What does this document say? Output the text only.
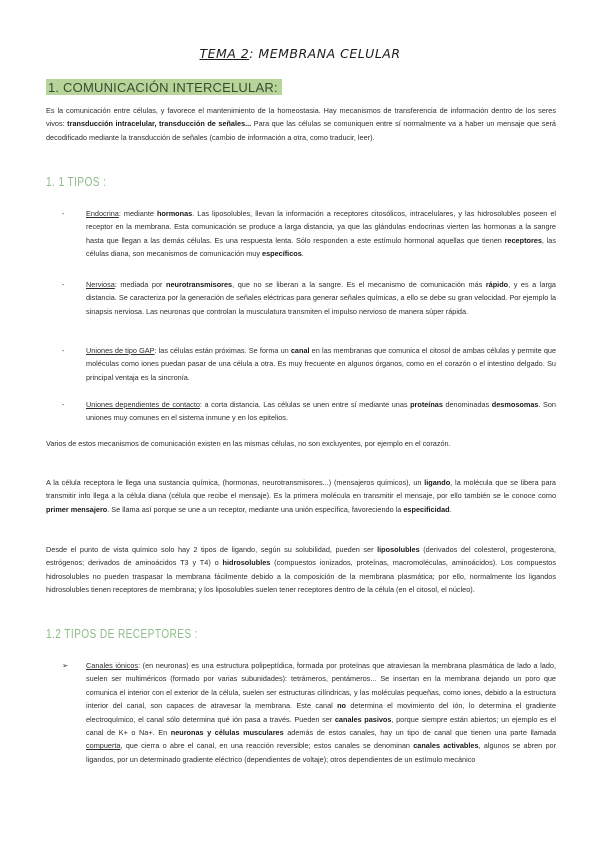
TEMA 2: MEMBRANA CELULAR
1. COMUNICACIÓN INTERCELULAR:
Es la comunicación entre células, y favorece el mantenimiento de la homeostasia. Hay mecanismos de transferencia de información dentro de los seres vivos: transducción intracelular, transducción de señales... Para que las células se comuniquen entre sí normalmente va a haber un mensaje que será decodificado mediante la transducción de señales (cambio de información a otra, como traducir, leer).
1. 1 TIPOS :
-	Endocrina: mediante hormonas. Las liposolubles, llevan la información a receptores citosólicos, intracelulares, y las hidrosolubles poseen el receptor en la membrana. Esta comunicación se produce a larga distancia, ya que las glándulas endocrinas vierten las hormonas a la sangre hasta que llegan a las demás células. Es una respuesta lenta. Sólo responden a este estímulo hormonal aquellas que tienen receptores, las células diana, son mecanismos de comunicación muy específicos.
-	Nerviosa: mediada por neurotransmisores, que no se liberan a la sangre. Es el mecanismo de comunicación más rápido, y es a larga distancia. Se caracteriza por la generación de señales eléctricas para generar señales químicas, a ello se debe su gran velocidad. Por ejemplo la sinapsis nerviosa. Las neuronas que controlan la musculatura transmiten el impulso nervioso de manera súper rápida.
-	Uniones de tipo GAP: las células están próximas. Se forma un canal en las membranas que comunica el citosol de ambas células y permite que moléculas como iones puedan pasar de una célula a otra. Es muy frecuente en algunos órganos, como en el corazón o el intestino delgado. Su principal ventaja es la sincronía.
-	Uniones dependientes de contacto: a corta distancia. Las células se unen entre sí mediante unas proteínas denominadas desmosomas. Son uniones muy comunes en el sistema inmune y en los epitelios.
Varios de estos mecanismos de comunicación existen en las mismas células, no son excluyentes, por ejemplo en el corazón.
A la célula receptora le llega una sustancia química, (hormonas, neurotransmisores...) (mensajeros químicos), un ligando, la molécula que se libera para transmitir info llega a la célula diana (célula que recibe el mensaje). Es la primera molécula en transmitir el mensaje, por ello también se le conoce como primer mensajero. Se llama así porque se une a un receptor, mediante una unión específica, favoreciendo la especificidad.
Desde el punto de vista químico solo hay 2 tipos de ligando, según su solubilidad, pueden ser liposolubles (derivados del colesterol, progesterona, estrógenos; derivados de aminoácidos T3 y T4) o hidrosolubles (compuestos ionizados, proteínas, macromoléculas, aminoácidos). Los compuestos hidrosolubles no pueden traspasar la membrana fácilmente debido a la composición de la membrana plasmática; por ello, normalmente los ligandos hidrosolubles tienen receptores de membrana; y los liposolubles suelen tener receptores dentro de la célula (en el citosol, el núcleo).
1.2 TIPOS DE RECEPTORES :
➢ Canales iónicos: (en neuronas) es una estructura polipeptídica, formada por proteínas que atraviesan la membrana plasmática de lado a lado, suelen ser multiméricos (formado por varias subunidades): tetrámeros, pentámeros... Se insertan en la membrana dejando un poro que comunica el interior con el exterior de la célula, suelen ser estructuras cilíndricas, y las moléculas pequeñas, como iones, debido a la estructura interior del canal, son capaces de atravesar la membrana. Este canal no determina el movimiento del ión, lo determina el gradiente electroquímico, el canal sólo determina qué ión pasa a través. Pueden ser canales pasivos, porque siempre están abiertos; un ejemplo es el canal de K+ o Na+. En neuronas y células musculares además de estos canales, hay un tipo de canal que tienen una parte llamada compuerta, que cierra o abre el canal, en una reacción reversible; estos canales se denominan canales activables, algunos se abren por ligandos, por un determinado gradiente eléctrico (dependientes de voltaje); otros dependientes de un estímulo mecánico
